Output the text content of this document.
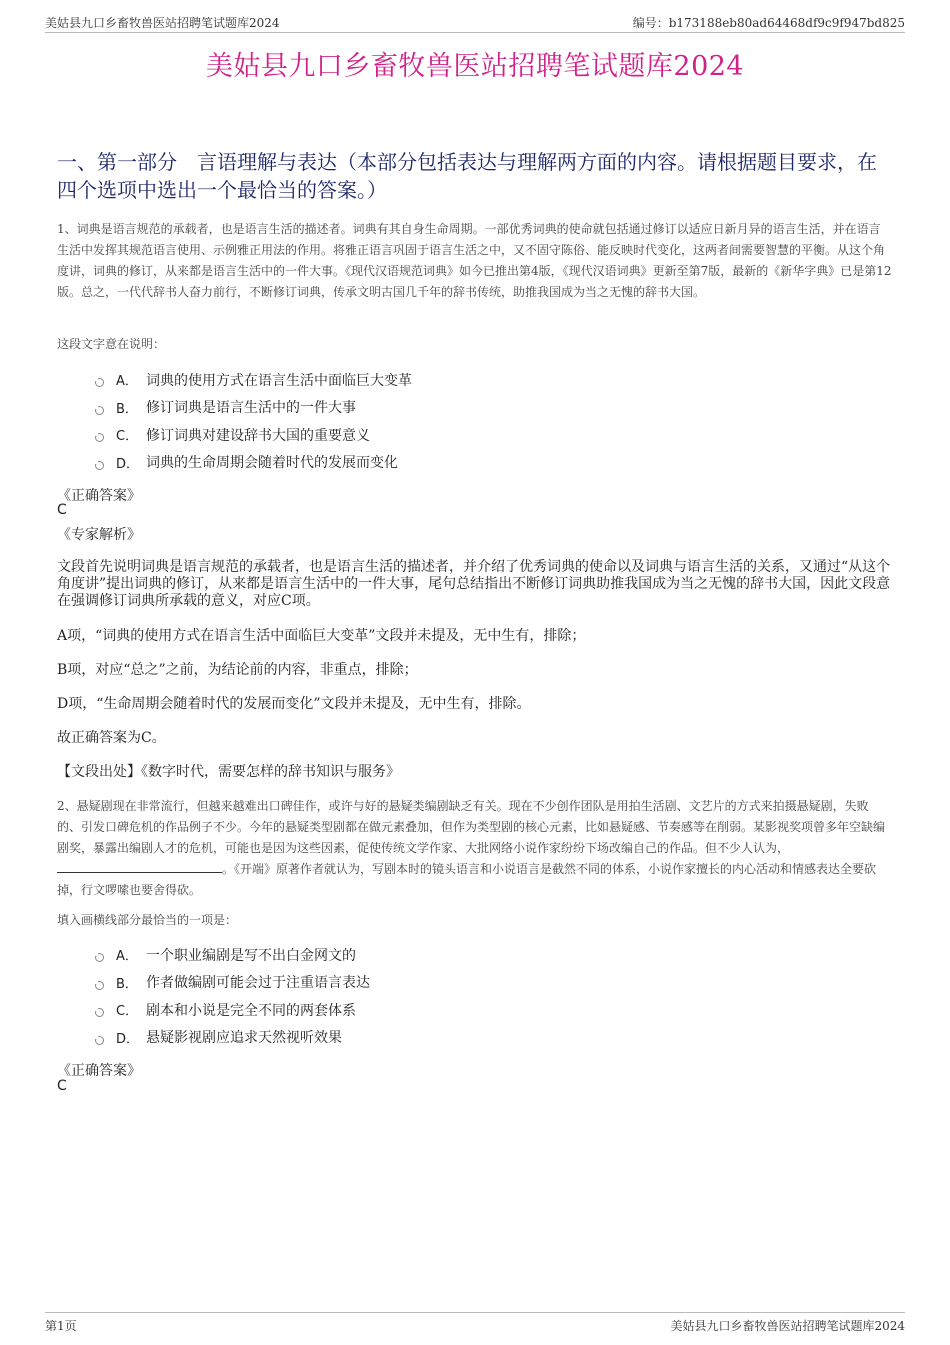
美姑县九口乡畜牧兽医站招聘笔试题库2024	编号：b173188eb80ad64468df9c9f947bd825
美姑县九口乡畜牧兽医站招聘笔试题库2024
一、第一部分　言语理解与表达（本部分包括表达与理解两方面的内容。请根据题目要求，在四个选项中选出一个最恰当的答案。）
1、词典是语言规范的承载者，也是语言生活的描述者。词典有其自身生命周期。一部优秀词典的使命就包括通过修订以适应日新月异的语言生活，并在语言生活中发挥其规范语言使用、示例雅正用法的作用。将雅正语言巩固于语言生活之中，又不固守陈俗、能反映时代变化，这两者间需要智慧的平衡。从这个角度讲，词典的修订，从来都是语言生活中的一件大事。《现代汉语规范词典》如今已推出第4版，《现代汉语词典》更新至第7版，最新的《新华字典》已是第12版。总之，一代代辞书人奋力前行，不断修订词典，传承文明古国几千年的辞书传统，助推我国成为当之无愧的辞书大国。
这段文字意在说明：
A． 词典的使用方式在语言生活中面临巨大变革
B． 修订词典是语言生活中的一件大事
C． 修订词典对建设辞书大国的重要意义
D． 词典的生命周期会随着时代的发展而变化
《正确答案》
C
《专家解析》
文段首先说明词典是语言规范的承载者，也是语言生活的描述者，并介绍了优秀词典的使命以及词典与语言生活的关系，又通过“从这个角度讲”提出词典的修订，从来都是语言生活中的一件大事，尾句总结指出不断修订词典助推我国成为当之无愧的辞书大国，因此文段意在强调修订词典所承载的意义，对应C项。
A项，“词典的使用方式在语言生活中面临巨大变革”文段并未提及，无中生有，排除；
B项，对应“总之”之前，为结论前的内容，非重点，排除；
D项，“生命周期会随着时代的发展而变化”文段并未提及，无中生有，排除。
故正确答案为C。
【文段出处】《数字时代，需要怎样的辞书知识与服务》
2、悬疑剧现在非常流行，但越来越难出口碑佳作，或许与好的悬疑类编剧缺乏有关。现在不少创作团队是用拍生活剧、文艺片的方式来拍摄悬疑剧，失败的、引发口碑危机的作品例子不少。今年的悬疑类型剧都在做元素叠加，但作为类型剧的核心元素，比如悬疑感、节奏感等在削弱。某影视奖项曾多年空缺编剧奖，暴露出编剧人才的危机，可能也是因为这些因素，促使传统文学作家、大批网络小说作家纷纷下场改编自己的作品。但不少人认为，。《开端》原著作者就认为，写剧本时的镜头语言和小说语言是截然不同的体系，小说作家擅长的内心活动和情感表达全要砍掉，行文啰嗦也要舍得砍。
填入画横线部分最恰当的一项是：
A． 一个职业编剧是写不出白金网文的
B． 作者做编剧可能会过于注重语言表达
C． 剧本和小说是完全不同的两套体系
D． 悬疑影视剧应追求天然视听效果
《正确答案》
C
第1页	美姑县九口乡畜牧兽医站招聘笔试题库2024
